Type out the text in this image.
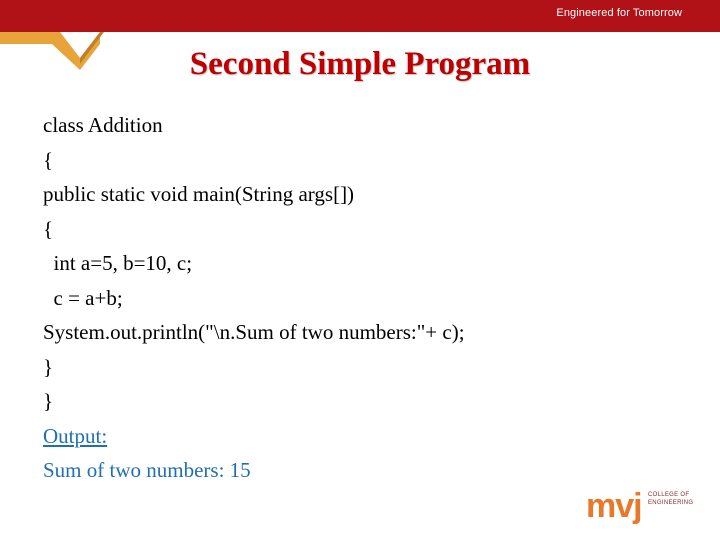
Engineered for Tomorrow
Second Simple Program
class Addition
{
public static void main(String args[])
{
int a=5, b=10, c;
c = a+b;
System.out.println("\n.Sum of two numbers:"+ c);
}
}
Output:
Sum of two numbers: 15
mvj COLLEGE OF
ENGINEERING
